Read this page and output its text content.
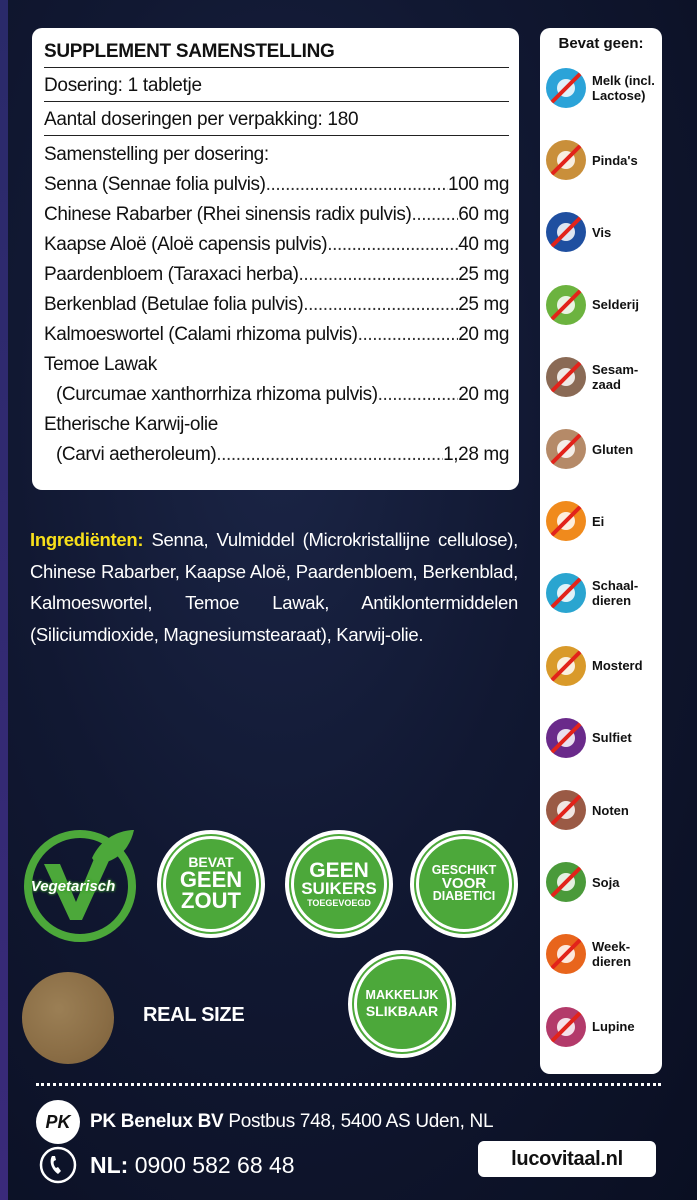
SUPPLEMENT SAMENSTELLING
Dosering: 1 tabletje
Aantal doseringen per verpakking: 180
Samenstelling per dosering:
Senna (Sennae folia pulvis) .....	100 mg
Chinese Rabarber (Rhei sinensis radix pulvis) ..... 60 mg
Kaapse Aloë (Aloë capensis pulvis) .....	40 mg
Paardenbloem (Taraxaci herba) .....	25 mg
Berkenblad (Betulae folia pulvis) .....	25 mg
Kalmoeswortel (Calami rhizoma pulvis) .....	20 mg
Temoe Lawak
(Curcumae xanthorrhiza rhizoma pulvis) .....	20 mg
Etherische Karwij-olie
(Carvi aetheroleum) .....	1,28 mg
Ingrediënten: Senna, Vulmiddel (Microkristallijne cellulose), Chinese Rabarber, Kaapse Aloë, Paardenbloem, Berkenblad, Kalmoeswortel, Temoe Lawak, Antiklontermiddelen (Siliciumdioxide, Magnesiumstearaat), Karwij-olie.
Bevat geen:
Melk (incl. Lactose)
Pinda's
Vis
Selderij
Sesam-zaad
Gluten
Ei
Schaal-dieren
Mosterd
Sulfiet
Noten
Soja
Week-dieren
Lupine
Vegetarisch
BEVAT
GEEN
ZOUT
GEEN
SUIKERS
TOEGEVOEGD
GESCHIKT
VOOR
DIABETICI
MAKKELIJK
SLIKBAAR
REAL SIZE
PK	PK Benelux BV Postbus 748, 5400 AS Uden, NL
NL: 0900 582 68 48	lucovitaal.nl
